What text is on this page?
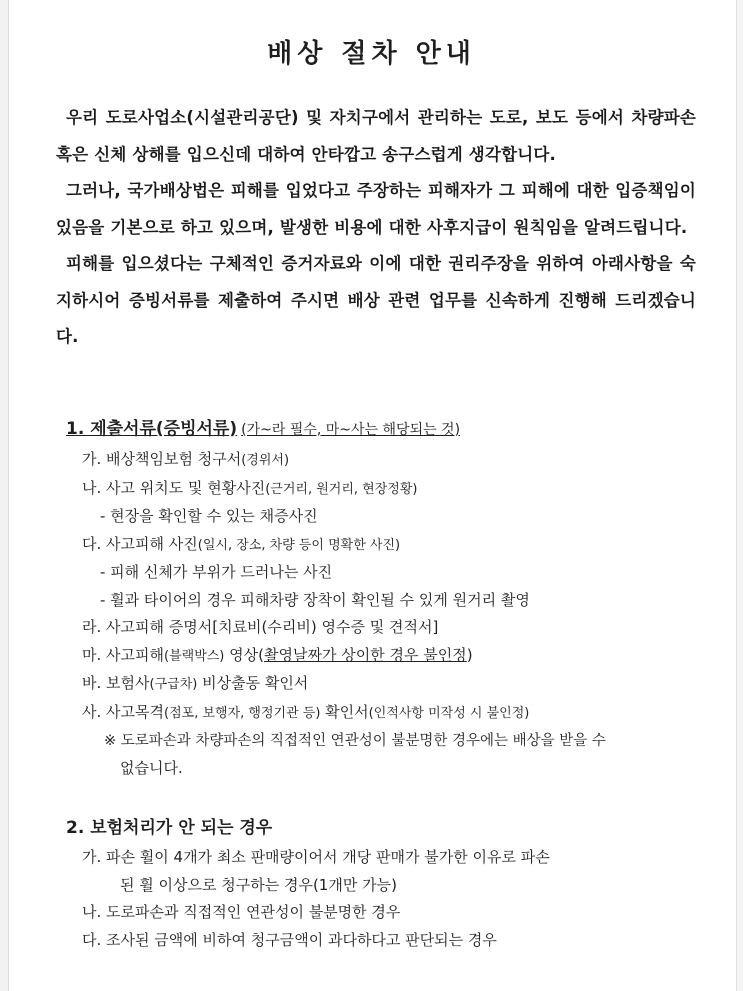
배상 절차 안내

우리 도로사업소(시설관리공단) 및 자치구에서 관리하는 도로, 보도 등에서 차량파손 혹은 신체 상해를 입으신데 대하여 안타깝고 송구스럽게 생각합니다.

그러나, 국가배상법은 피해를 입었다고 주장하는 피해자가 그 피해에 대한 입증책임이 있음을 기본으로 하고 있으며, 발생한 비용에 대한 사후지급이 원칙임을 알려드립니다.

피해를 입으셨다는 구체적인 증거자료와 이에 대한 권리주장을 위하여 아래사항을 숙지하시어 증빙서류를 제출하여 주시면 배상 관련 업무를 신속하게 진행해 드리겠습니다.

1. 제출서류(증빙서류) (가~라 필수, 마~사는 해당되는 것)
가. 배상책임보험 청구서(경위서)
나. 사고 위치도 및 현황사진(근거리, 원거리, 현장정황)
- 현장을 확인할 수 있는 채증사진
다. 사고피해 사진(일시, 장소, 차량 등이 명확한 사진)
- 피해 신체가 부위가 드러나는 사진
- 휠과 타이어의 경우 피해차량 장착이 확인될 수 있게 원거리 촬영
라. 사고피해 증명서[치료비(수리비) 영수증 및 견적서]
마. 사고피해(블랙박스) 영상(촬영날짜가 상이한 경우 불인정)
바. 보험사(구급차) 비상출동 확인서
사. 사고목격(점포, 보행자, 행정기관 등) 확인서(인적사항 미작성 시 불인정)
※ 도로파손과 차량파손의 직접적인 연관성이 불분명한 경우에는 배상을 받을 수
없습니다.
2. 보험처리가 안 되는 경우
가. 파손 휠이 4개가 최소 판매량이어서 개당 판매가 불가한 이유로 파손
된 휠 이상으로 청구하는 경우(1개만 가능)
나. 도로파손과 직접적인 연관성이 불분명한 경우
다. 조사된 금액에 비하여 청구금액이 과다하다고 판단되는 경우
